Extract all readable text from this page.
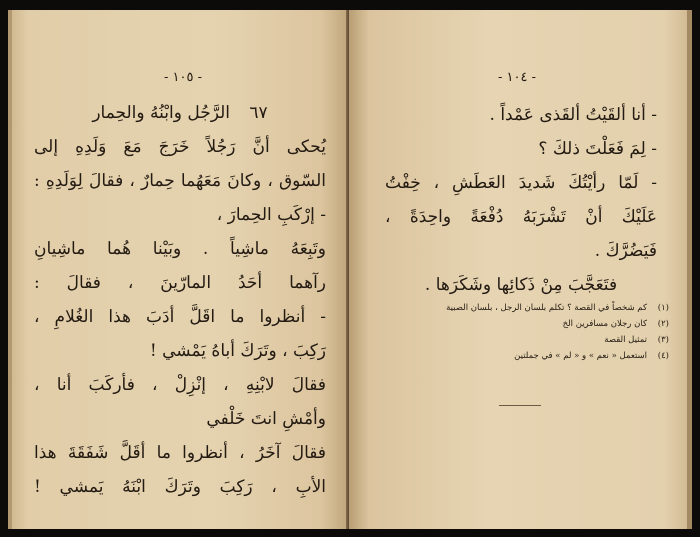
- ١٠٥ -
٦٧ الرَّجُل وابْنُهُ والحِمار
يُحكى أنَّ رَجُلاً خَرَجَ مَعَ وَلَدِهِ إلى
السّوق ، وكانَ مَعَهُما حِمارٌ ، فقالَ لِوَلَدِهِ :
- إرْكَبِ الحِمارَ ،
وتَبِعَهُ ماشِياً . وبَيْنا هُما ماشِيانِ
رآهما أحَدُ المارّينَ ، فقالَ :
- أنظروا ما اقَلَّ أدَبَ هذا الغُلامِ ،
رَكِبَ ، وتَرَكَ أباهُ يَمْشي !
فقالَ لابْنِهِ ، إنْزِلْ ، فأركَبَ أنا ،
وأمْشِ انتَ خَلْفي
فقالَ آخَرُ ، أنظروا ما أقَلَّ شَفَقَةَ هذا
الأبِ ، رَكِبَ وتَرَكَ ابْنَهُ يَمشي !
- ١٠٤ -
- أنا ألقَيْتُ ألقَذى عَمْداً .
- لِمَ فَعَلْتَ ذلكَ ؟
- لَمّا رأيْتُكَ شَديدَ العَطَشِ ، خِفْتُ
عَلَيْكَ أنْ تَشْرَبَهُ دُفْعَةً واحِدَةً ،
فَيَضُرَّكَ .
فتَعَجَّبَ مِنْ ذَكائِها وشَكَرَها .
(١)كم شخصاً في القصة ؟ تكلم بلسان الرجل ، بلسان الصبية
(٢)كان رجلان مسافرين الخ
(٣)تمثيل القصة
(٤)استعمل « نعم » و « لم » في جملتين
